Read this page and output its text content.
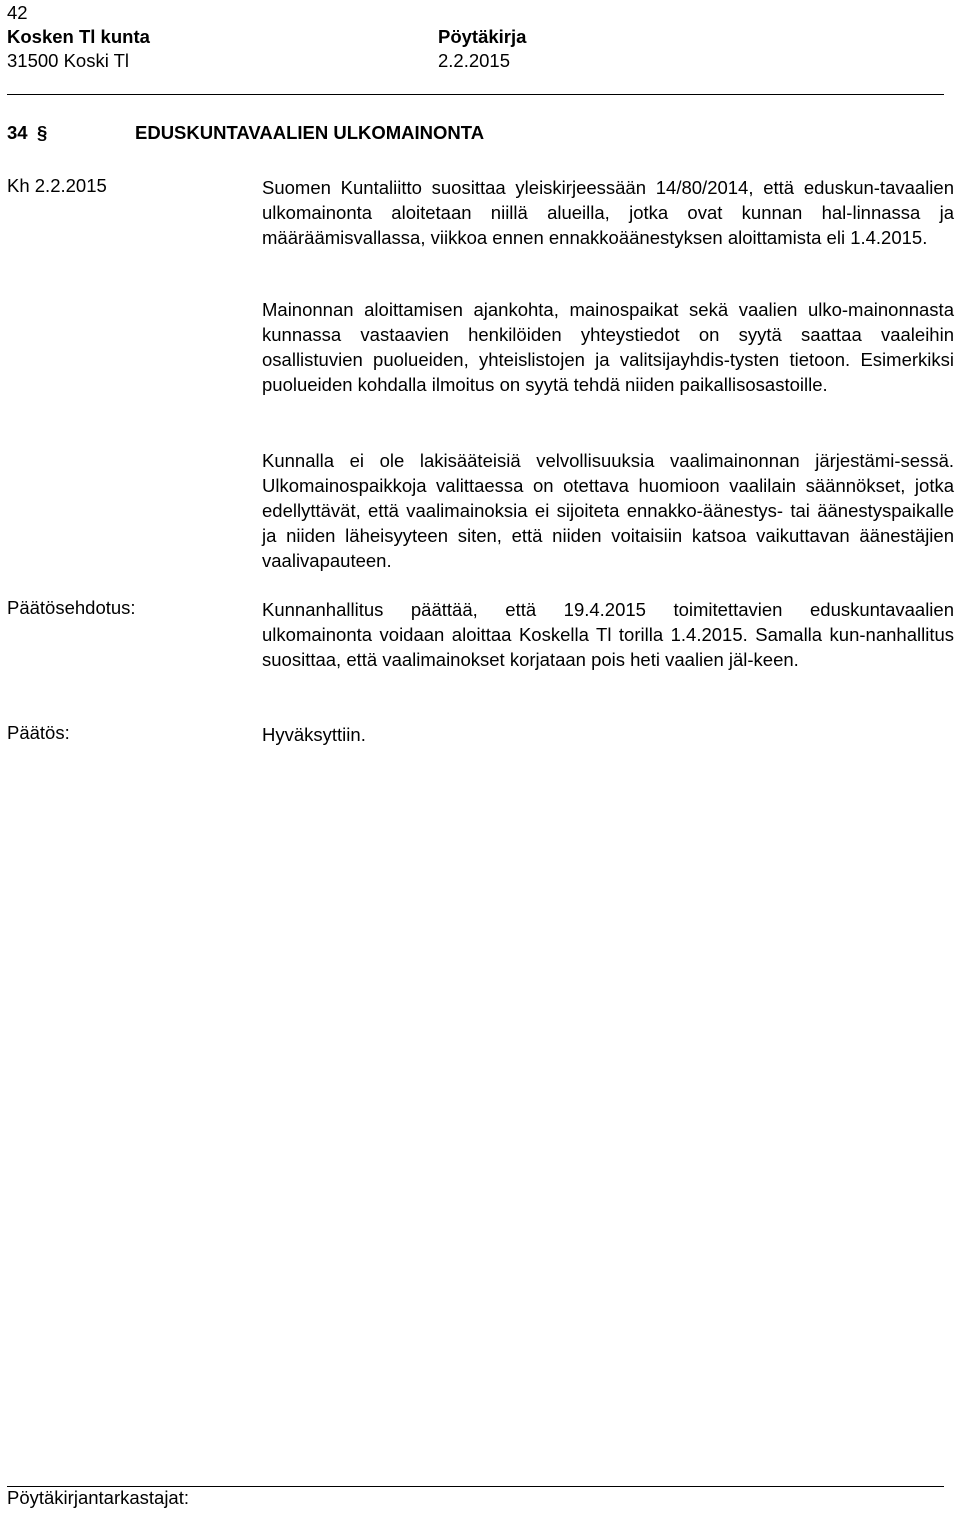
42
Kosken Tl kunta
31500 Koski Tl
Pöytäkirja
2.2.2015
34 §	EDUSKUNTAVAALIEN ULKOMAINONTA
Kh 2.2.2015	Suomen Kuntaliitto suosittaa yleiskirjeessään 14/80/2014, että eduskun-tavaalien ulkomainonta aloitetaan niillä alueilla, jotka ovat kunnan hal-linnassa ja määräämisvallassa, viikkoa ennen ennakkoäänestyksen aloittamista eli 1.4.2015.
Mainonnan aloittamisen ajankohta, mainospaikat sekä vaalien ulko-mainonnasta kunnassa vastaavien henkilöiden yhteystiedot on syytä saattaa vaaleihin osallistuvien puolueiden, yhteislistojen ja valitsijayhdis-tysten tietoon. Esimerkiksi puolueiden kohdalla ilmoitus on syytä tehdä niiden paikallisosastoille.
Kunnalla ei ole lakisääteisiä velvollisuuksia vaalimainonnan järjestämi-sessä. Ulkomainospaikkoja valittaessa on otettava huomioon vaalilain säännökset, jotka edellyttävät, että vaalimainoksia ei sijoiteta ennakko-äänestys- tai äänestyspaikalle ja niiden läheisyyteen siten, että niiden voitaisiin katsoa vaikuttavan äänestäjien vaalivapauteen.
Päätösehdotus:	Kunnanhallitus päättää, että 19.4.2015 toimitettavien eduskuntavaalien ulkomainonta voidaan aloittaa Koskella Tl torilla 1.4.2015. Samalla kun-nanhallitus suosittaa, että vaalimainokset korjataan pois heti vaalien jäl-keen.
Päätös:	Hyväksyttiin.
Pöytäkirjantarkastajat:
